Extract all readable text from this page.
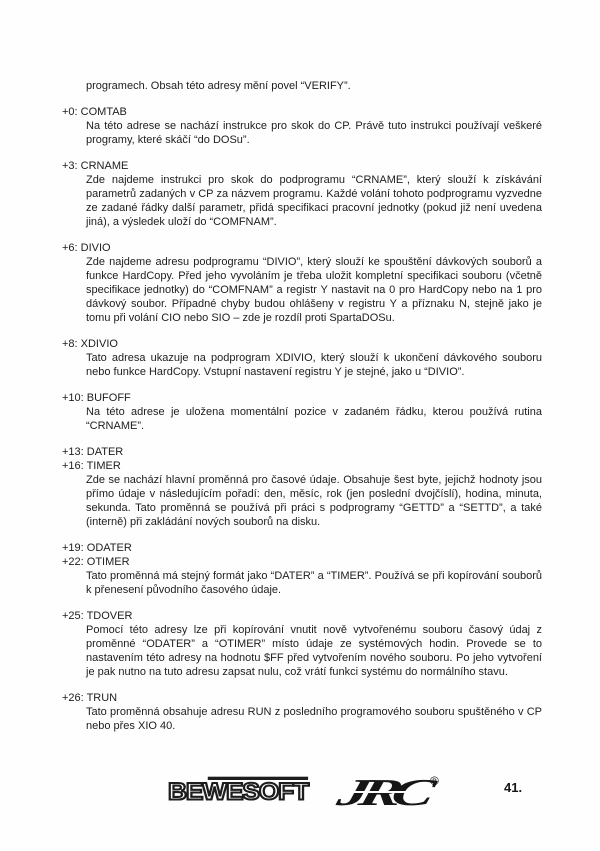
programech. Obsah této adresy mění povel “VERIFY”.

+0: COMTAB
Na této adrese se nachází instrukce pro skok do CP. Právě tuto instrukci používají veškeré programy, které skáčí “do DOSu”.
+3: CRNAME
Zde najdeme instrukci pro skok do podprogramu “CRNAME”, který slouží k získávání parametrů zadaných v CP za názvem programu. Každé volání tohoto podprogramu vyzvedne ze zadané řádky další parametr, přidá specifikaci pracovní jednotky (pokud již není uvedena jiná), a výsledek uloží do “COMFNAM”.
+6: DIVIO
Zde najdeme adresu podprogramu “DIVIO”, který slouží ke spouštění dávkových souborů a funkce HardCopy. Před jeho vyvoláním je třeba uložit kompletní specifikaci souboru (včetně specifikace jednotky) do “COMFNAM” a registr Y nastavit na 0 pro HardCopy nebo na 1 pro dávkový soubor. Případné chyby budou ohlášeny v registru Y a příznaku N, stejně jako je tomu při volání CIO nebo SIO – zde je rozdíl proti SpartaDOSu.
+8: XDIVIO
Tato adresa ukazuje na podprogram XDIVIO, který slouží k ukončení dávkového souboru nebo funkce HardCopy. Vstupní nastavení registru Y je stejné, jako u “DIVIO”.
+10: BUFOFF
Na této adrese je uložena momentální pozice v zadaném řádku, kterou používá rutina “CRNAME”.
+13: DATER
+16: TIMER
Zde se nachází hlavní proměnná pro časové údaje. Obsahuje šest byte, jejichž hodnoty jsou přímo údaje v následujícím pořadí: den, měsíc, rok (jen poslední dvojčíslí), hodina, minuta, sekunda. Tato proměnná se používá při práci s podprogramy “GETTD” a “SETTD”, a také (interně) při zakládání nových souborů na disku.
+19: ODATER
+22: OTIMER
Tato proměnná má stejný formát jako “DATER” a “TIMER”. Používá se při kopírování souborů k přenesení původního časového údaje.
+25: TDOVER
Pomocí této adresy lze při kopírování vnutit nově vytvořenému souboru časový údaj z proměnné “ODATER” a “OTIMER” místo údaje ze systémových hodin. Provede se to nastavením této adresy na hodnotu $FF před vytvořením nového souboru. Po jeho vytvoření je pak nutno na tuto adresu zapsat nulu, což vrátí funkci systému do normálního stavu.
+26: TRUN
Tato proměnná obsahuje adresu RUN z posledního programového souboru spuštěného v CP nebo přes XIO 40.
BEWESOFT JRC	®	41.
